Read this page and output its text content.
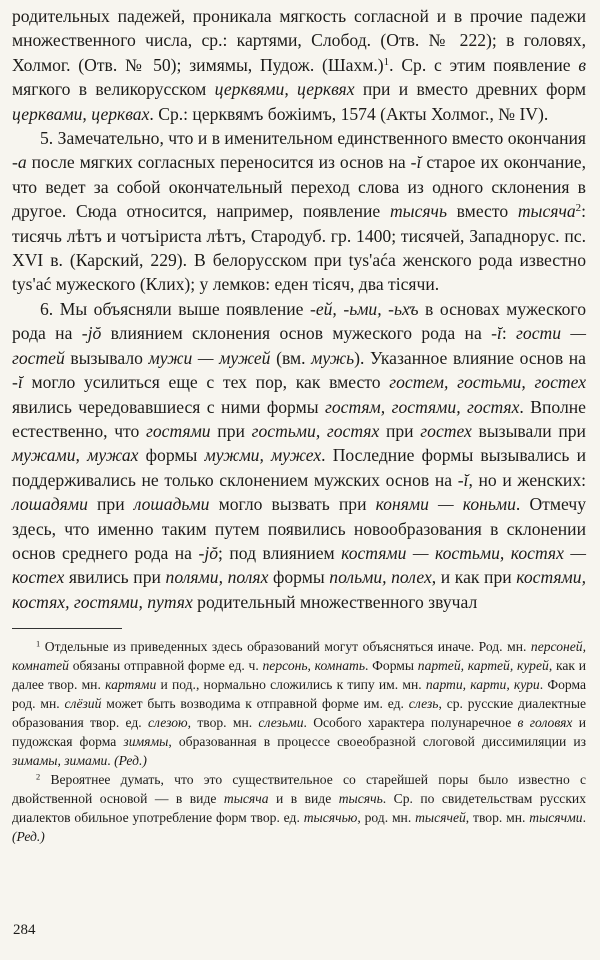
родительных падежей, проникала мягкость согласной и в прочие падежи множественного числа, ср.: картями, Слобод. (Отв. № 222); в головях, Холмог. (Отв. № 50); зимямы, Пудож. (Шахм.)$^1$. Ср. с этим появление в мягкого в великорусском церквями, церквях при и вместо древних форм церквами, церквах. Ср.: церквямъ божіимъ, 1574 (Акты Холмог., № IV).

5. Замечательно, что и в именительном единственного вместо окончания -а после мягких согласных переносится из основ на -ĭ старое их окончание, что ведет за собой окончательный переход слова из одного склонения в другое. Сюда относится, например, появление тысячь вместо тысяча$^2$: тисячь лѣтъ и чотъіриста лѣтъ, Стародуб. гр. 1400; тисячей, Западнорус. пс. XVI в. (Карский, 229). В белорусском при tys'aća женского рода известно tys'ać мужеского (Клих); у лемков: еден тісяч, два тісячи.

6. Мы объясняли выше появление -ей, -ьми, -ьхъ в основах мужеского рода на -jŏ влиянием склонения основ мужеского рода на -ĭ: гости — гостей вызывало мужи — мужей (вм. мужь). Указанное влияние основ на -ĭ могло усилиться еще с тех пор, как вместо гостем, гостьми, гостех явились чередовавшиеся с ними формы гостям, гостями, гостях. Вполне естественно, что гостями при гостьми, гостях при гостех вызывали при мужами, мужах формы мужми, мужех. Последние формы вызывались и поддерживались не только склонением мужских основ на -ĭ, но и женских: лошадями при лошадьми могло вызвать при конями — коньми. Отмечу здесь, что именно таким путем появились новообразования в склонении основ среднего рода на -jŏ; под влиянием костями — костьми, костях — костех явились при полями, полях формы польми, полех, и как при костями, костях, гостями, путях родительный множественного звучал

$^1$ Отдельные из приведенных здесь образований могут объясняться иначе. Род. мн. персоней, комнатей обязаны отправной форме ед. ч. персонь, комнать. Формы партей, картей, курей, как и далее твор. мн. картями и под., нормально сложились к типу им. мн. парти, карти, кури. Форма род. мн. слёзий может быть возводима к отправной форме им. ед. слезь, ср. русские диалектные образования твор. ед. слезою, твор. мн. слезьми. Особого характера полунаречное в головях и пудожская форма зимямы, образованная в процессе своеобразной слоговой диссимиляции из зимамы, зимами. (Ред.)

$^2$ Вероятнее думать, что это существительное со старейшей поры было известно с двойственной основой — в виде тысяча и в виде тысячь. Ср. по свидетельствам русских диалектов обильное употребление форм твор. ед. тысячью, род. мн. тысячей, твор. мн. тысячми. (Ред.)

284
